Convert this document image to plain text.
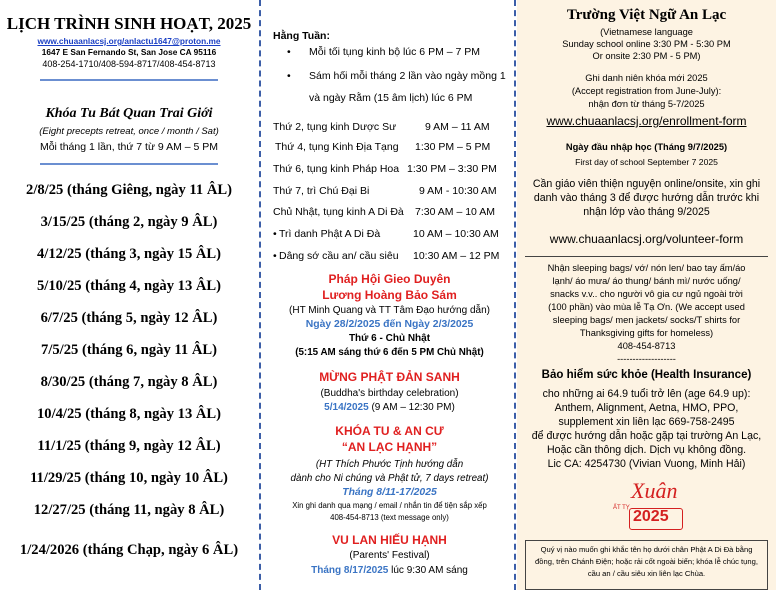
LỊCH TRÌNH SINH HOẠT, 2025
www.chuaanlacsj.org/anlactu1647@proton.me
1647 E San Fernando St, San Jose CA 95116
408-254-1710/408-594-8717/408-454-8713
Khóa Tu Bát Quan Trai Giới
(Eight precepts retreat, once / month / Sat)
Mỗi tháng 1 lần, thứ 7 từ 9 AM – 5 PM
2/8/25 (tháng Giêng, ngày 11 ÂL)
3/15/25 (tháng 2, ngày 9 ÂL)
4/12/25 (tháng 3, ngày 15 ÂL)
5/10/25 (tháng 4, ngày 13 ÂL)
6/7/25 (tháng 5, ngày 12 ÂL)
7/5/25 (tháng 6, ngày 11 ÂL)
8/30/25 (tháng 7, ngày 8 ÂL)
10/4/25 (tháng 8, ngày 13 ÂL)
11/1/25 (tháng 9, ngày 12 ÂL)
11/29/25 (tháng 10, ngày 10 ÂL)
12/27/25 (tháng 11, ngày 8 ÂL)
1/24/2026 (tháng Chạp, ngày 6 ÂL)
Hằng Tuần:
• Mỗi tối tụng kinh bộ lúc 6 PM – 7 PM
• Sám hối mỗi tháng 2 lần vào ngày mồng 1
và ngày Rằm (15 âm lịch) lúc 6 PM
Thứ 2, tụng kinh Dược Sư	9 AM – 11 AM
Thứ 4, tụng Kinh Địa Tạng 1:30 PM – 5 PM
Thứ 6, tụng kinh Pháp Hoa 1:30 PM – 3:30 PM
Thứ 7, trì Chú Đại Bi	9 AM - 10:30 AM
Chủ Nhật, tụng kinh A Di Đà 7:30 AM – 10 AM
• Trì danh Phật A Di Đà	10 AM – 10:30 AM
• Dâng sớ cầu an/ cầu siêu 10:30 AM – 12 PM
Pháp Hội Gieo Duyên
Lương Hoàng Bảo Sám
(HT Minh Quang và TT Tâm Đạo hướng dẫn)
Ngày 28/2/2025 đến Ngày 2/3/2025
Thứ 6 - Chủ Nhật
(5:15 AM sáng thứ 6 đến 5 PM Chủ Nhật)
MỪNG PHẬT ĐẢN SANH
(Buddha's birthday celebration)
5/14/2025 (9 AM – 12:30 PM)
KHÓA TU & AN CƯ
“AN LẠC HẠNH”
(HT Thích Phước Tịnh hướng dẫn
dành cho Ni chúng và Phật tử, 7 days retreat)
Tháng 8/11-17/2025
Xin ghi danh qua mạng / email / nhắn tin để tiện sắp xếp
408-454-8713 (text message only)
VU LAN HIẾU HẠNH
(Parents' Festival)
Tháng 8/17/2025 lúc 9:30 AM sáng
Trường Việt Ngữ An Lạc
(Vietnamese language
Sunday school online 3:30 PM - 5:30 PM
Or onsite 2:30 PM - 5 PM)
Ghi danh niên khóa mới 2025
(Accept registration from June-July):
nhận đơn từ tháng 5-7/2025
www.chuaanlacsj.org/enrollment-form
Ngày đầu nhập học (Tháng 9/7/2025)
First day of school September 7 2025
Cần giáo viên thiện nguyện online/onsite, xin ghi
danh vào tháng 3 để được hướng dẫn trước khi
nhận lớp vào tháng 9/2025
www.chuaanlacsj.org/volunteer-form
Nhận sleeping bags/ vớ/ nón len/ bao tay ấm/áo
lạnh/ áo mưa/ áo thung/ bánh mì/ nước uống/
snacks v.v.. cho người vô gia cư ngủ ngoài trời
(100 phần) vào mùa lễ Tạ Ơn. (We accept used
sleeping bags/ men jackets/ socks/T shirts for
Thanksgiving gifts for homeless)
408-454-8713
-------------------
Bảo hiểm sức khỏe (Health Insurance)
cho những ai 64.9 tuổi trở lên (age 64.9 up):
Anthem, Alignment, Aetna, HMO, PPO,
supplement xin liên lạc 669-758-2495
để được hướng dẫn hoặc gặp tại trường An Lạc,
Hoặc cần thông dịch. Dịch vụ không đồng.
Lic CA: 4254730 (Vivian Vuong, Minh Hải)
Xuân
ẤT TỴ 2025
Quý vị nào muốn ghi khắc tên họ dưới chân Phật A Di Đà bằng đồng, trên Chánh Điện; hoặc rải cốt ngoài biển; khóa lễ chúc tụng, cầu an / cầu siêu xin liên lạc Chùa.
